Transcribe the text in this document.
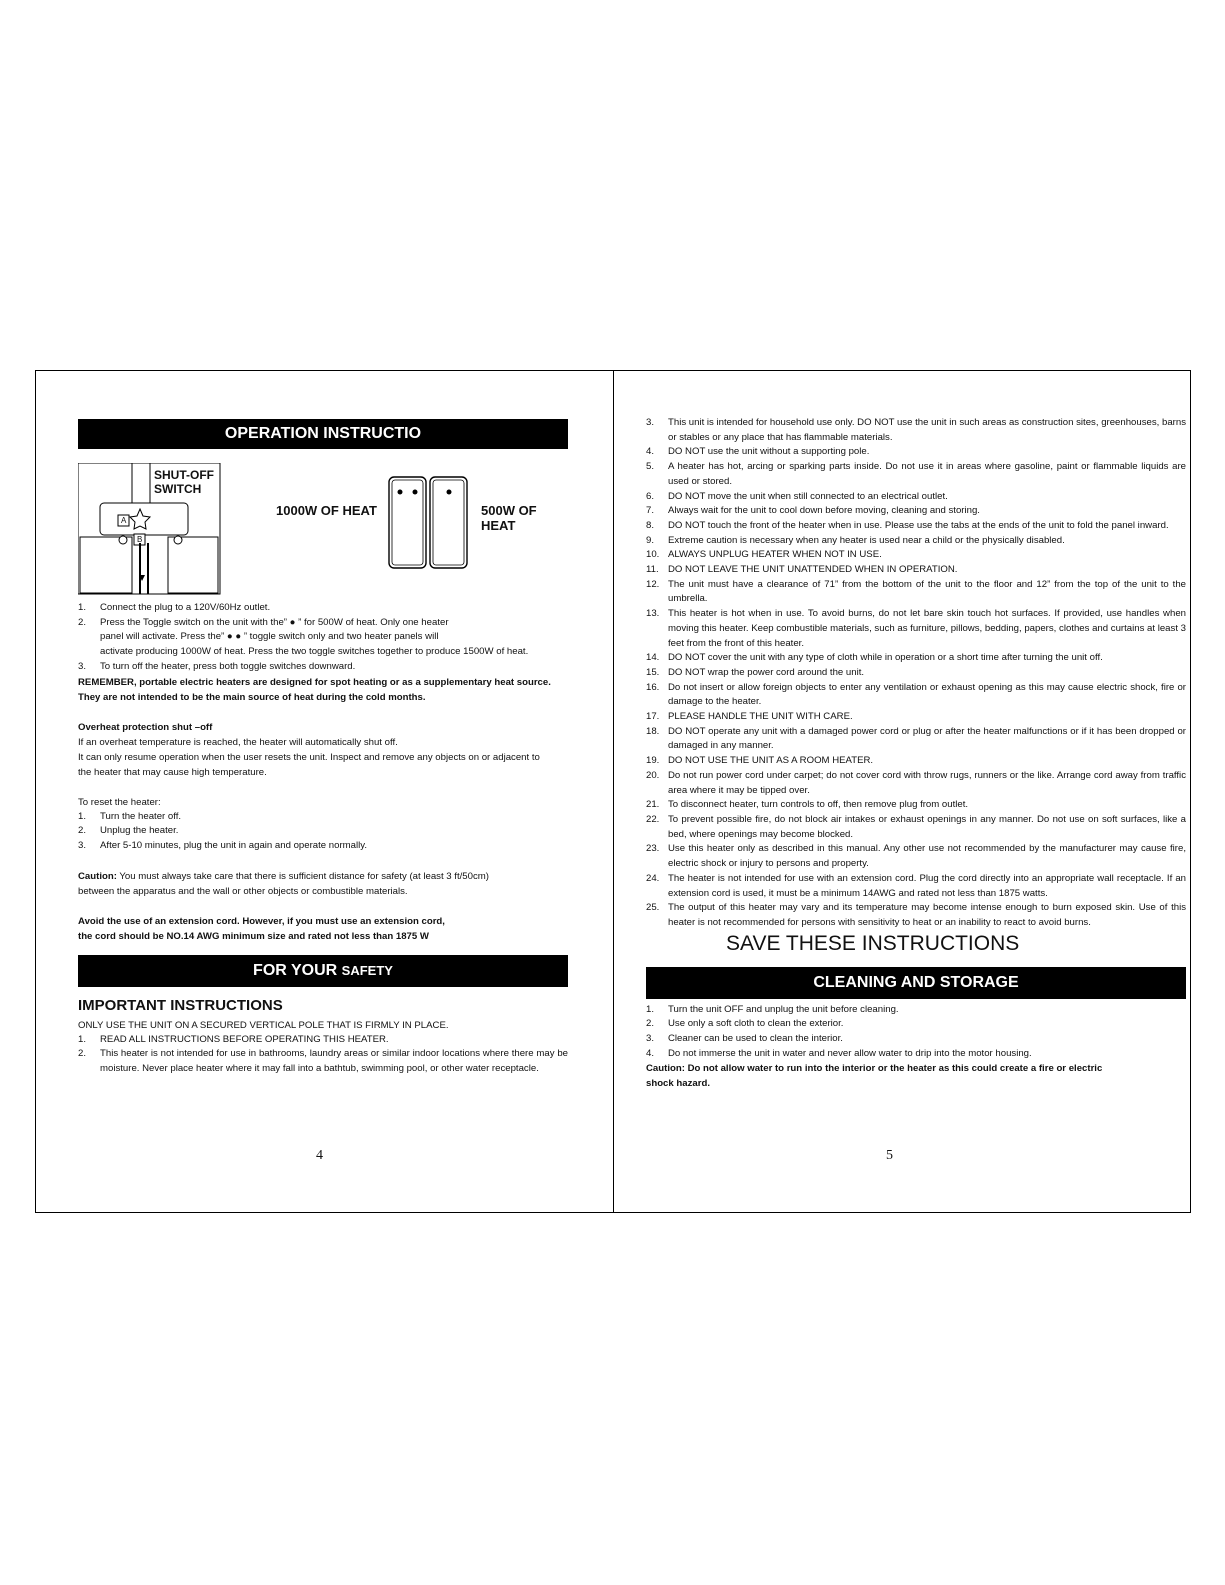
OPERATION INSTRUCTIO
SHUT-OFF
SWITCH
A
B
1000W OF HEAT	500W OF HEAT
1.	Connect the plug to a 120V/60Hz outlet.
2.	Press the Toggle switch on the unit with the” ● ” for 500W of heat. Only one heater
panel will activate. Press the” ● ● ” toggle switch only and two heater panels will
activate producing 1000W of heat. Press the two toggle switches together to produce 1500W of heat.
3.	To turn off the heater, press both toggle switches downward.
REMEMBER, portable electric heaters are designed for spot heating or as a supplementary heat source.
They are not intended to be the main source of heat during the cold months.
Overheat protection shut –off
If an overheat temperature is reached, the heater will automatically shut off.
It can only resume operation when the user resets the unit. Inspect and remove any objects on or adjacent to
the heater that may cause high temperature.
To reset the heater:
1.	Turn the heater off.
2.	Unplug the heater.
3.	After 5-10 minutes, plug the unit in again and operate normally.
Caution: You must always take care that there is sufficient distance for safety (at least 3 ft/50cm)
between the apparatus and the wall or other objects or combustible materials.
Avoid the use of an extension cord. However, if you must use an extension cord,
the cord should be NO.14 AWG minimum size and rated not less than 1875 W
FOR YOUR SAFETY
IMPORTANT INSTRUCTIONS
ONLY USE THE UNIT ON A SECURED VERTICAL POLE THAT IS FIRMLY IN PLACE.
1.	READ ALL INSTRUCTIONS BEFORE OPERATING THIS HEATER.
2.	This heater is not intended for use in bathrooms, laundry areas or similar indoor locations where there may be moisture. Never place heater where it may fall into a bathtub, swimming pool, or other water receptacle.
4
3.	This unit is intended for household use only. DO NOT use the unit in such areas as construction sites, greenhouses, barns or stables or any place that has flammable materials.
4.	DO NOT use the unit without a supporting pole.
5.	A heater has hot, arcing or sparking parts inside. Do not use it in areas where gasoline, paint or flammable liquids are used or stored.
6.	DO NOT move the unit when still connected to an electrical outlet.
7.	Always wait for the unit to cool down before moving, cleaning and storing.
8.	DO NOT touch the front of the heater when in use. Please use the tabs at the ends of the unit to fold the panel inward.
9.	Extreme caution is necessary when any heater is used near a child or the physically disabled.
10. ALWAYS UNPLUG HEATER WHEN NOT IN USE.
11. DO NOT LEAVE THE UNIT UNATTENDED WHEN IN OPERATION.
12. The unit must have a clearance of 71” from the bottom of the unit to the floor and 12” from the top of the unit to the umbrella.
13. This heater is hot when in use. To avoid burns, do not let bare skin touch hot surfaces. If provided, use handles when moving this heater. Keep combustible materials, such as furniture, pillows, bedding, papers, clothes and curtains at least 3 feet from the front of this heater.
14. DO NOT cover the unit with any type of cloth while in operation or a short time after turning the unit off.
15. DO NOT wrap the power cord around the unit.
16. Do not insert or allow foreign objects to enter any ventilation or exhaust opening as this may cause electric shock, fire or damage to the heater.
17. PLEASE HANDLE THE UNIT WITH CARE.
18. DO NOT operate any unit with a damaged power cord or plug or after the heater malfunctions or if it has been dropped or damaged in any manner.
19. DO NOT USE THE UNIT AS A ROOM HEATER.
20. Do not run power cord under carpet; do not cover cord with throw rugs, runners or the like. Arrange cord away from traffic area where it may be tipped over.
21. To disconnect heater, turn controls to off, then remove plug from outlet.
22. To prevent possible fire, do not block air intakes or exhaust openings in any manner. Do not use on soft surfaces, like a bed, where openings may become blocked.
23. Use this heater only as described in this manual. Any other use not recommended by the manufacturer may cause fire, electric shock or injury to persons and property.
24. The heater is not intended for use with an extension cord. Plug the cord directly into an appropriate wall receptacle. If an extension cord is used, it must be a minimum 14AWG and rated not less than 1875 watts.
25. The output of this heater may vary and its temperature may become intense enough to burn exposed skin. Use of this heater is not recommended for persons with sensitivity to heat or an inability to react to avoid burns.
SAVE THESE INSTRUCTIONS
CLEANING AND STORAGE
1.	Turn the unit OFF and unplug the unit before cleaning.
2.	Use only a soft cloth to clean the exterior.
3.	Cleaner can be used to clean the interior.
4.	Do not immerse the unit in water and never allow water to drip into the motor housing.
Caution: Do not allow water to run into the interior or the heater as this could create a fire or electric
shock hazard.
5
